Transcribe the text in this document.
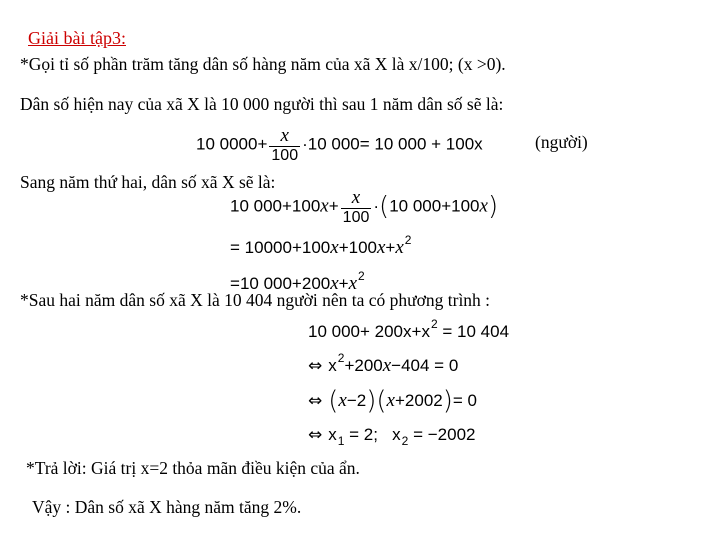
Giải bài tập3:
*Gọi tỉ số phần trăm tăng dân số hàng năm của xã X là x/100; (x >0).
Dân số hiện nay của xã X là 10 000 người thì sau 1 năm dân số sẽ là:
10 $0000+ \frac{x}{100} \cdot 10$ 000= 10 000 + 100x	(người)
Sang năm thứ hai, dân số xã X sẽ là:
10 $000+100x+ \frac{x}{100} \cdot(10$ 000+100x)
= $10000+100x+100x+x^2$
=10 $000+200x+x^2$
*Sau hai năm dân số xã X là 10 404 người nên ta có phương trình :
10 $000+ 200x+x^2 = 10$ 404
⇔ $x^2+200x-404 = 0$
⇔ (x−2)(x+2002)= 0
⇔ $x_1 = 2$;   $x_2 = -2002$
*Trả lời: Giá trị x=2 thỏa mãn điều kiện của ẩn.
Vậy : Dân số xã X hàng năm tăng 2%.
